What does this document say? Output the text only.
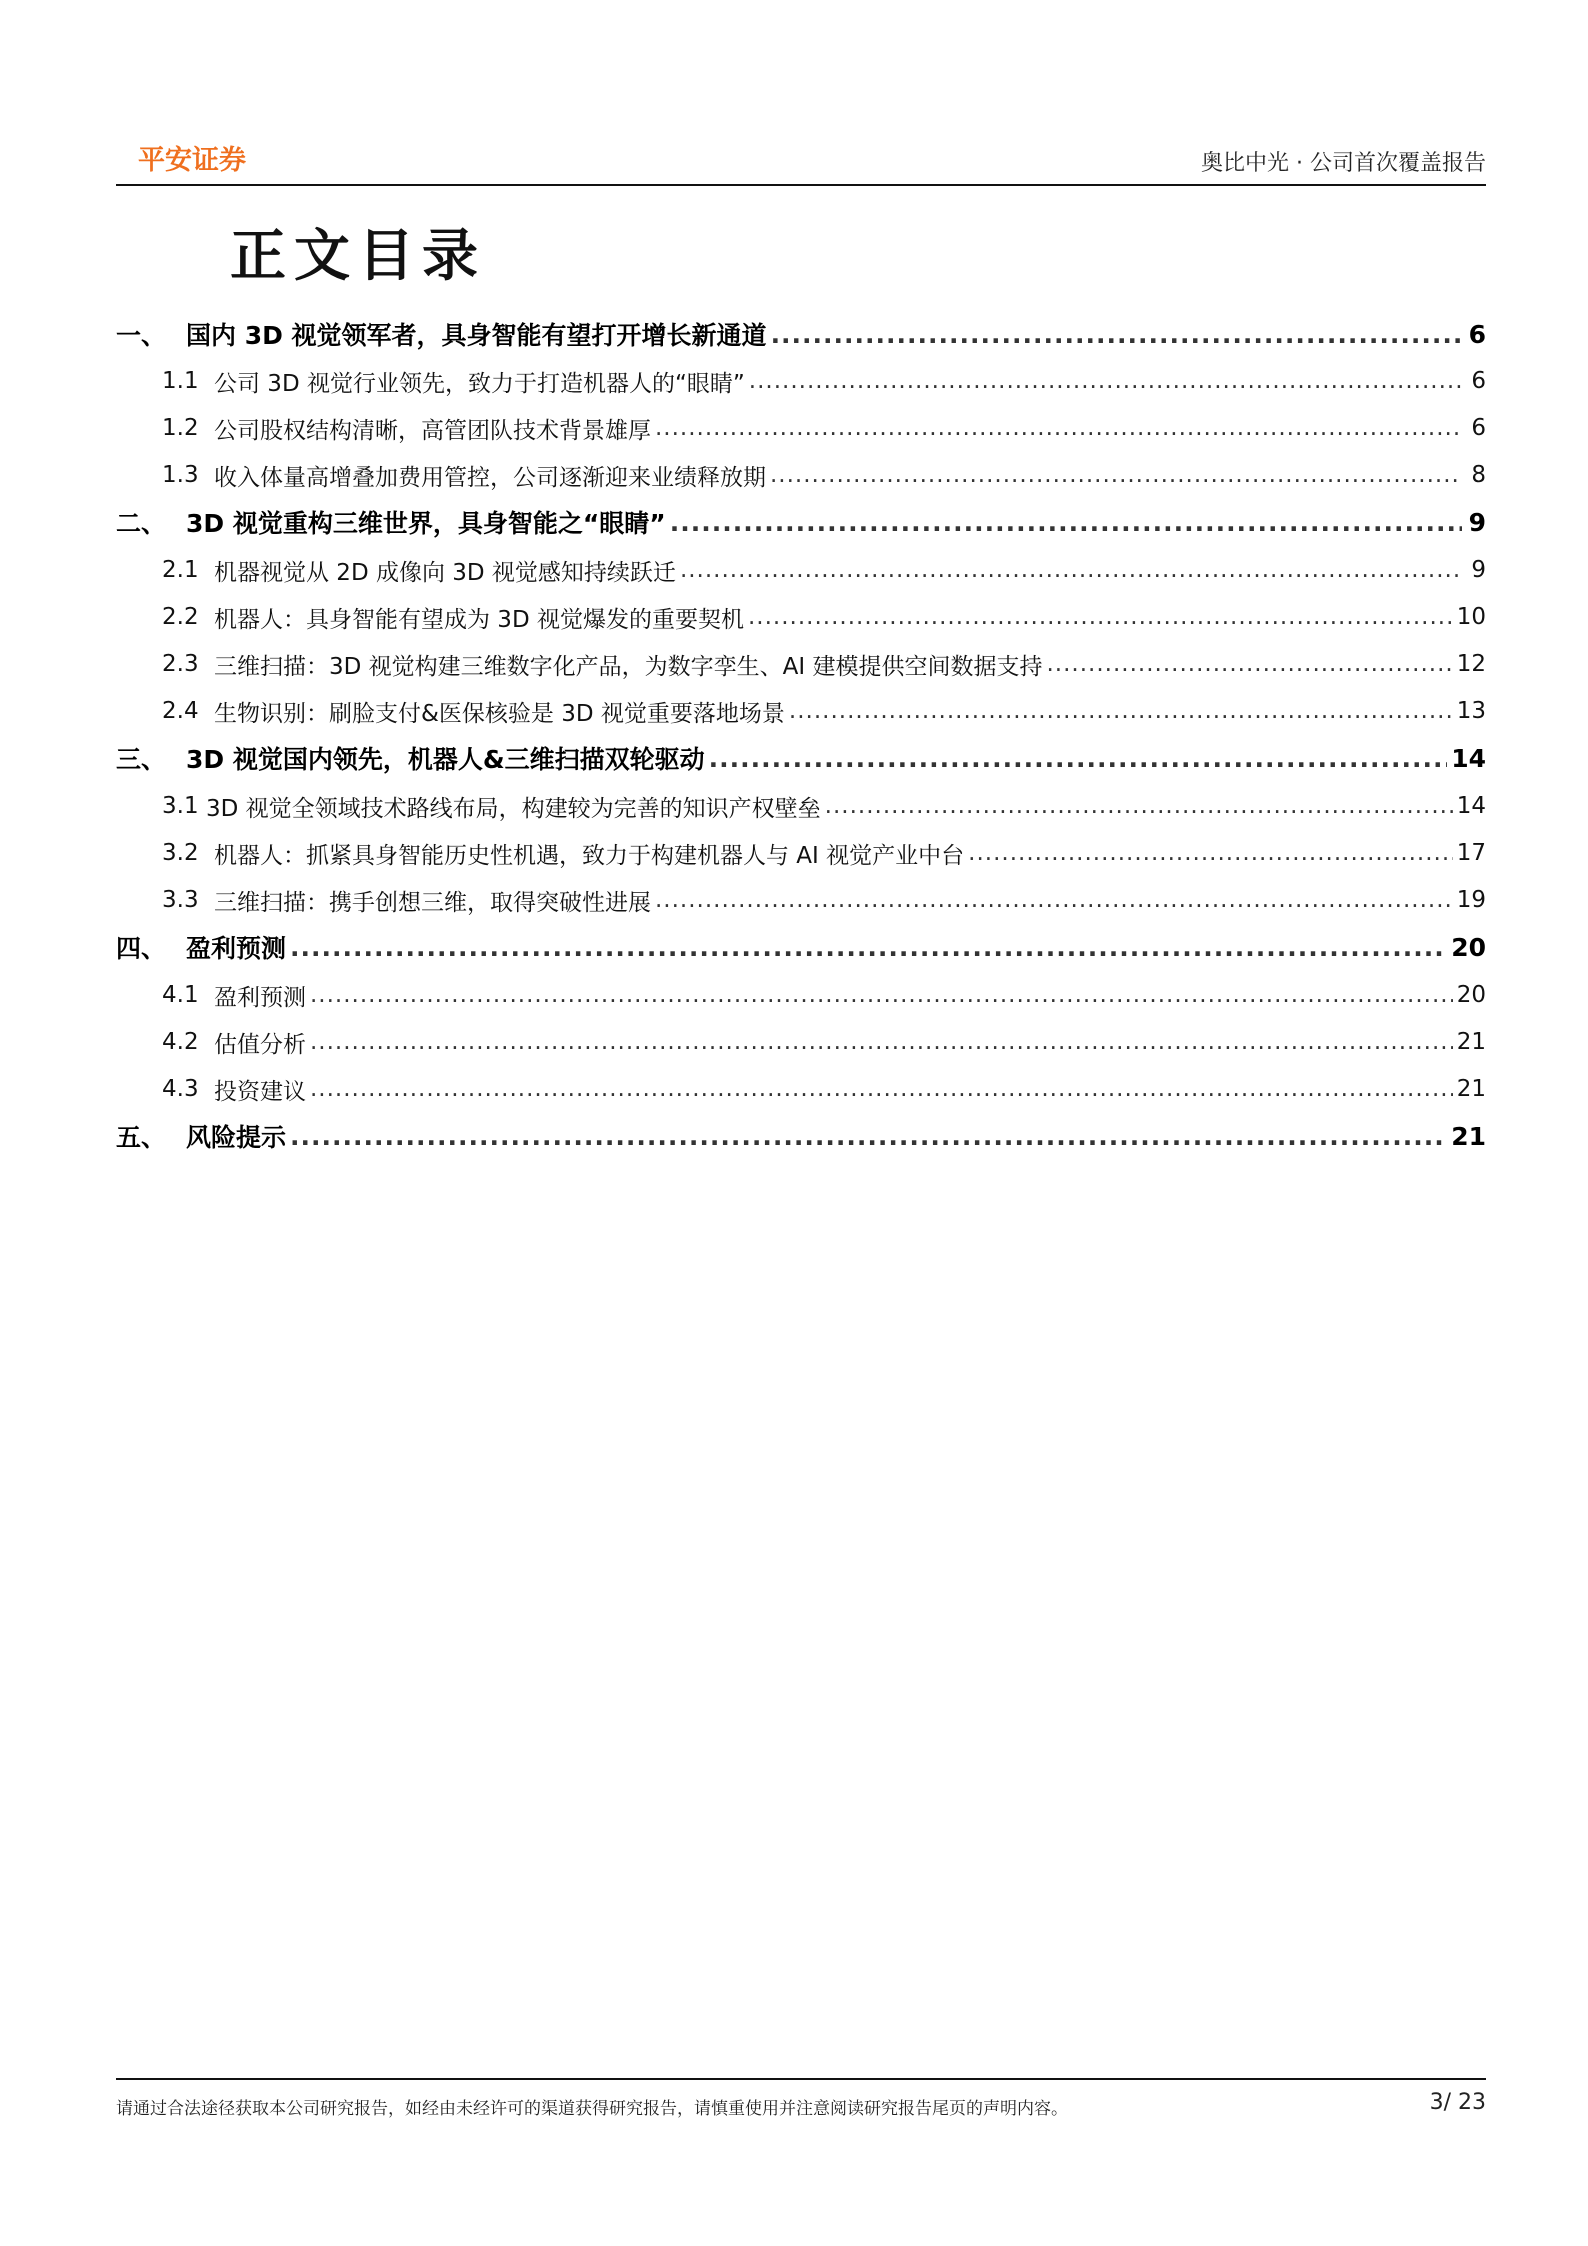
平安证券	奥比中光 · 公司首次覆盖报告
正文目录
一、 国内 3D 视觉领军者，具身智能有望打开增长新通道 .....	6
1.1 公司 3D 视觉行业领先，致力于打造机器人的“眼睛” .....	6
1.2 公司股权结构清晰，高管团队技术背景雄厚 .....	6
1.3 收入体量高增叠加费用管控，公司逐渐迎来业绩释放期 .....	8
二、 3D 视觉重构三维世界，具身智能之“眼睛” .....	9
2.1 机器视觉从 2D 成像向 3D 视觉感知持续跃迁 .....	9
2.2 机器人：具身智能有望成为 3D 视觉爆发的重要契机 .....	10
2.3 三维扫描：3D 视觉构建三维数字化产品，为数字孪生、AI 建模提供空间数据支持 .....	12
2.4 生物识别：刷脸支付&医保核验是 3D 视觉重要落地场景 .....	13
三、 3D 视觉国内领先，机器人&三维扫描双轮驱动 .....	14
3.1 3D 视觉全领域技术路线布局，构建较为完善的知识产权壁垒 .....	14
3.2 机器人：抓紧具身智能历史性机遇，致力于构建机器人与 AI 视觉产业中台 .....	17
3.3 三维扫描：携手创想三维，取得突破性进展 .....	19
四、 盈利预测 .....	20
4.1 盈利预测 .....	20
4.2 估值分析 .....	21
4.3 投资建议 .....	21
五、 风险提示 .....	21
请通过合法途径获取本公司研究报告，如经由未经许可的渠道获得研究报告，请慎重使用并注意阅读研究报告尾页的声明内容。	3/ 23
